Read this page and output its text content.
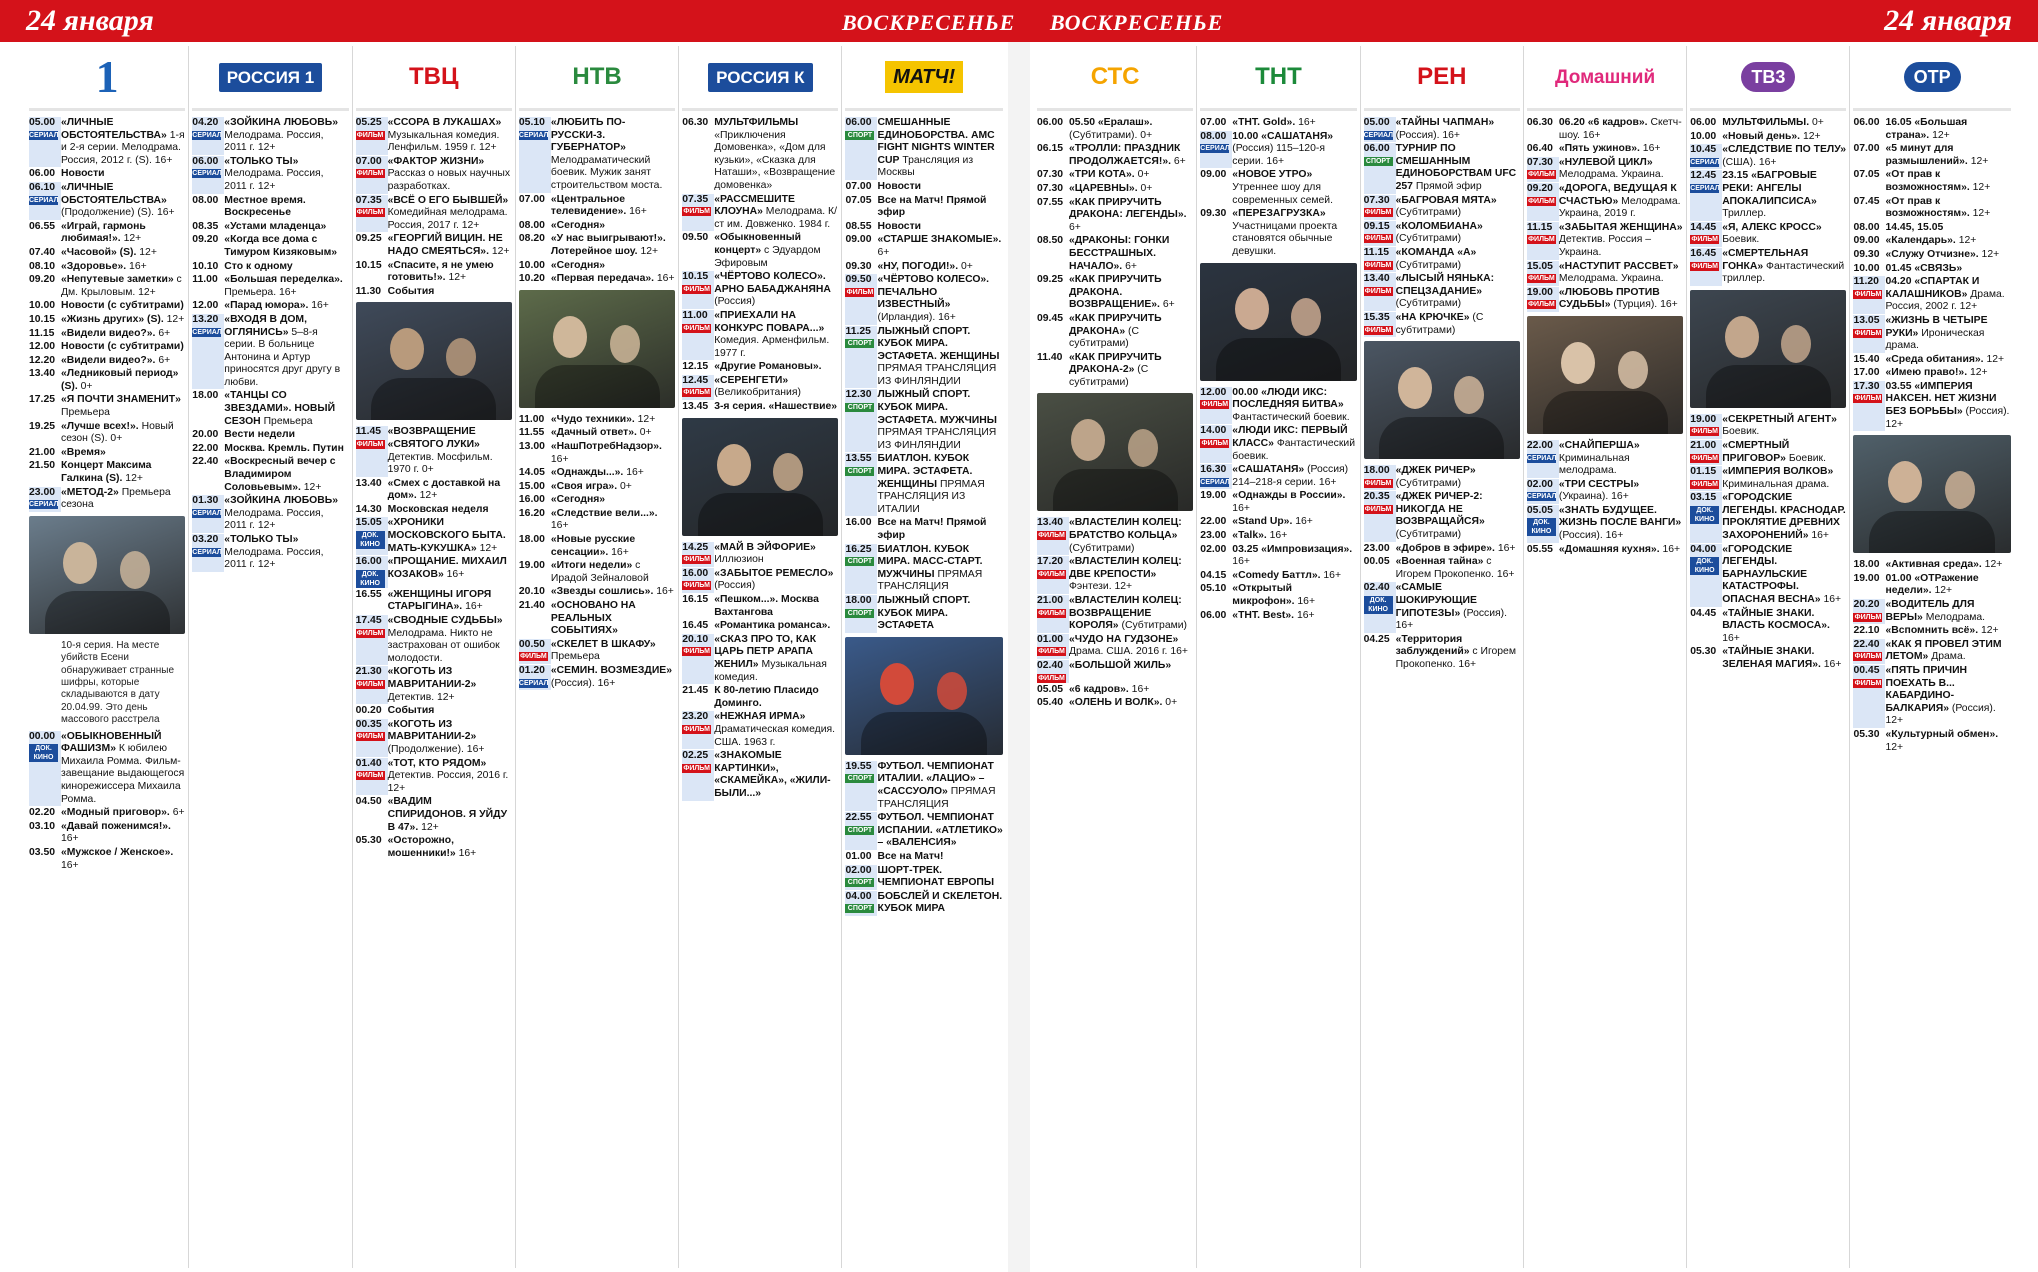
24 января	ВОСКРЕСЕНЬЕ ВОСКРЕСЕНЬЕ	24 января
1
05.00
СЕРИАЛ
«ЛИЧНЫЕ ОБСТОЯТЕЛЬСТВА» 1-я и 2-я серии. Мелодрама. Россия, 2012 г. (S). 16+
06.00 Новости
06.10
СЕРИАЛ
«ЛИЧНЫЕ ОБСТОЯТЕЛЬСТВА» (Продолжение) (S). 16+
06.55 «Играй, гармонь любимая!». 12+
07.40 «Часовой» (S). 12+
08.10 «Здоровье». 16+
09.20 «Непутевые заметки» с Дм. Крыловым. 12+
10.00 Новости (с субтитрами)
10.15 «Жизнь других» (S). 12+
11.15 «Видели видео?». 6+
12.00 Новости (с субтитрами)
12.20 «Видели видео?». 6+
13.40 «Ледниковый период» (S). 0+
17.25 «Я ПОЧТИ ЗНАМЕНИТ» Премьера
19.25 «Лучше всех!». Новый сезон (S). 0+
21.00 «Время»
21.50 Концерт Максима Галкина (S). 12+
23.00
СЕРИАЛ
«МЕТОД-2» Премьера сезона
10-я серия. На месте убийств Есени обнаруживает странные шифры, которые складываются в дату 20.04.99. Это день массового расстрела
00.00
ДОК. КИНО
«ОБЫКНОВЕННЫЙ ФАШИЗМ» К юбилею Михаила Ромма. Фильм-завещание выдающегося кинорежиссера Михаила Ромма.
02.20 «Модный приговор». 6+
03.10 «Давай поженимся!». 16+
03.50 «Мужское / Женское». 16+
РОССИЯ 1
04.20
СЕРИАЛ
«ЗОЙКИНА ЛЮБОВЬ» Мелодрама. Россия, 2011 г. 12+
06.00
СЕРИАЛ
«ТОЛЬКО ТЫ» Мелодрама. Россия, 2011 г. 12+
08.00 Местное время. Воскресенье
08.35 «Устами младенца»
09.20 «Когда все дома с Тимуром Кизяковым»
10.10 Сто к одному
11.00 «Большая переделка». Премьера. 16+
12.00 «Парад юмора». 16+
13.20
СЕРИАЛ
«ВХОДЯ В ДОМ, ОГЛЯНИСЬ» 5–8-я серии. В больнице Антонина и Артур приносятся друг другу в любви.
18.00 «ТАНЦЫ СО ЗВЕЗДАМИ». НОВЫЙ СЕЗОН Премьера
20.00 Вести недели
22.00 Москва. Кремль. Путин
22.40 «Воскресный вечер с Владимиром Соловьевым». 12+
01.30
СЕРИАЛ
«ЗОЙКИНА ЛЮБОВЬ» Мелодрама. Россия, 2011 г. 12+
03.20
СЕРИАЛ
«ТОЛЬКО ТЫ» Мелодрама. Россия, 2011 г. 12+
ТВЦ
05.25
ФИЛЬМ
«ССОРА В ЛУКАШАХ» Музыкальная комедия. Ленфильм. 1959 г. 12+
07.00
ФИЛЬМ
«ФАКТОР ЖИЗНИ» Рассказ о новых научных разработках.
07.35
ФИЛЬМ
«ВСЁ О ЕГО БЫВШЕЙ» Комедийная мелодрама. Россия, 2017 г. 12+
09.25 «ГЕОРГИЙ ВИЦИН. НЕ НАДО СМЕЯТЬСЯ». 12+
10.15 «Спасите, я не умею готовить!». 12+
11.30 События
11.45
ФИЛЬМ
«ВОЗВРАЩЕНИЕ «СВЯТОГО ЛУКИ» Детектив. Мосфильм. 1970 г. 0+
13.40 «Смех с доставкой на дом». 12+
14.30 Московская неделя
15.05
ДОК. КИНО
«ХРОНИКИ МОСКОВСКОГО БЫТА. МАТЬ-КУКУШКА» 12+
16.00
ДОК. КИНО
«ПРОЩАНИЕ. МИХАИЛ КОЗАКОВ» 16+
16.55 «ЖЕНЩИНЫ ИГОРЯ СТАРЫГИНА». 16+
17.45
ФИЛЬМ
«СВОДНЫЕ СУДЬБЫ» Мелодрама. Никто не застрахован от ошибок молодости.
21.30
ФИЛЬМ
«КОГОТЬ ИЗ МАВРИТАНИИ-2» Детектив. 12+
00.20 События
00.35
ФИЛЬМ
«КОГОТЬ ИЗ МАВРИТАНИИ-2» (Продолжение). 16+
01.40
ФИЛЬМ
«ТОТ, КТО РЯДОМ» Детектив. Россия, 2016 г. 12+
04.50 «ВАДИМ СПИРИДОНОВ. Я УЙДУ В 47». 12+
05.30 «Осторожно, мошенники!» 16+
НТВ
05.10
СЕРИАЛ
«ЛЮБИТЬ ПО-РУССКИ-3. ГУБЕРНАТОР» Мелодраматический боевик. Мужик занят строительством моста.
07.00 «Центральное телевидение». 16+
08.00 «Сегодня»
08.20 «У нас выигрывают!». Лотерейное шоу. 12+
10.00 «Сегодня»
10.20 «Первая передача». 16+
11.00 «Чудо техники». 12+
11.55 «Дачный ответ». 0+
13.00 «НашПотребНадзор». 16+
14.05 «Однажды...». 16+
15.00 «Своя игра». 0+
16.00 «Сегодня»
16.20 «Следствие вели...». 16+
18.00 «Новые русские сенсации». 16+
19.00 «Итоги недели» с Ирадой Зейналовой
20.10 «Звезды сошлись». 16+
21.40 «ОСНОВАНО НА РЕАЛЬНЫХ СОБЫТИЯХ»
00.50
ФИЛЬМ
«СКЕЛЕТ В ШКАФУ» Премьера
01.20
СЕРИАЛ
«СЕМИН. ВОЗМЕЗДИЕ» (Россия). 16+
РОССИЯ К
06.30 МУЛЬТФИЛЬМЫ «Приключения Домовенка», «Дом для кузьки», «Сказка для Наташи», «Возвращение домовенка»
07.35
ФИЛЬМ
«РАССМЕШИТЕ КЛОУНА» Мелодрама. К/ст им. Довженко. 1984 г.
09.50 «Обыкновенный концерт» с Эдуардом Эфировым
10.15
ФИЛЬМ
«ЧЁРТОВО КОЛЕСО». АРНО БАБАДЖАНЯНА (Россия)
11.00
ФИЛЬМ
«ПРИЕХАЛИ НА КОНКУРС ПОВАРА...» Комедия. Арменфильм. 1977 г.
12.15 «Другие Романовы».
12.45
ФИЛЬМ
«СЕРЕНГЕТИ» (Великобритания)
13.45 3-я серия. «Нашествие»
14.25
ФИЛЬМ
«МАЙ В ЭЙФОРИЕ» Иллюзион
16.00
ФИЛЬМ
«ЗАБЫТОЕ РЕМЕСЛО» (Россия)
16.15 «Пешком...». Москва Вахтангова
16.45 «Романтика романса».
20.10
ФИЛЬМ
«СКАЗ ПРО ТО, КАК ЦАРЬ ПЕТР АРАПА ЖЕНИЛ» Музыкальная комедия.
21.45 К 80-летию Пласидо Доминго.
23.20
ФИЛЬМ
«НЕЖНАЯ ИРМА» Драматическая комедия. США. 1963 г.
02.25
ФИЛЬМ
«ЗНАКОМЫЕ КАРТИНКИ», «СКАМЕЙКА», «ЖИЛИ-БЫЛИ...»
МАТЧ!
06.00
СПОРТ
СМЕШАННЫЕ ЕДИНОБОРСТВА. AMC FIGHT NIGHTS WINTER CUP Трансляция из Москвы
07.00 Новости
07.05 Все на Матч! Прямой эфир
08.55 Новости
09.00 «СТАРШЕ ЗНАКОМЫЕ». 6+
09.30 «НУ, ПОГОДИ!». 0+
09.50
ФИЛЬМ
«ЧЁРТОВО КОЛЕСО». ПЕЧАЛЬНО ИЗВЕСТНЫЙ» (Ирландия). 16+
11.25
СПОРТ
ЛЫЖНЫЙ СПОРТ. КУБОК МИРА. ЭСТАФЕТА. ЖЕНЩИНЫ ПРЯМАЯ ТРАНСЛЯЦИЯ ИЗ ФИНЛЯНДИИ
12.30
СПОРТ
ЛЫЖНЫЙ СПОРТ. КУБОК МИРА. ЭСТАФЕТА. МУЖЧИНЫ ПРЯМАЯ ТРАНСЛЯЦИЯ ИЗ ФИНЛЯНДИИ
13.55
СПОРТ
БИАТЛОН. КУБОК МИРА. ЭСТАФЕТА. ЖЕНЩИНЫ ПРЯМАЯ ТРАНСЛЯЦИЯ ИЗ ИТАЛИИ
16.00 Все на Матч! Прямой эфир
16.25
СПОРТ
БИАТЛОН. КУБОК МИРА. МАСС-СТАРТ. МУЖЧИНЫ ПРЯМАЯ ТРАНСЛЯЦИЯ
18.00
СПОРТ
ЛЫЖНЫЙ СПОРТ. КУБОК МИРА. ЭСТАФЕТА
19.55
СПОРТ
ФУТБОЛ. ЧЕМПИОНАТ ИТАЛИИ. «ЛАЦИО» – «САССУОЛО» ПРЯМАЯ ТРАНСЛЯЦИЯ
22.55
СПОРТ
ФУТБОЛ. ЧЕМПИОНАТ ИСПАНИИ. «АТЛЕТИКО» – «ВАЛЕНСИЯ»
01.00 Все на Матч!
02.00
СПОРТ
ШОРТ-ТРЕК. ЧЕМПИОНАТ ЕВРОПЫ
04.00
СПОРТ
БОБСЛЕЙ И СКЕЛЕТОН. КУБОК МИРА
СТС
06.00 05.50 «Ералаш». (Субтитрами). 0+
06.15 «ТРОЛЛИ: ПРАЗДНИК ПРОДОЛЖАЕТСЯ!». 6+
07.30 «ТРИ КОТА». 0+
07.30 «ЦАРЕВНЫ». 0+
07.55 «КАК ПРИРУЧИТЬ ДРАКОНА: ЛЕГЕНДЫ». 6+
08.50 «ДРАКОНЫ: ГОНКИ БЕССТРАШНЫХ. НАЧАЛО». 6+
09.25 «КАК ПРИРУЧИТЬ ДРАКОНА. ВОЗВРАЩЕНИЕ». 6+
09.45 «КАК ПРИРУЧИТЬ ДРАКОНА» (С субтитрами)
11.40 «КАК ПРИРУЧИТЬ ДРАКОНА-2» (С субтитрами)
13.40
ФИЛЬМ
«ВЛАСТЕЛИН КОЛЕЦ: БРАТСТВО КОЛЬЦА» (Субтитрами)
17.20
ФИЛЬМ
«ВЛАСТЕЛИН КОЛЕЦ: ДВЕ КРЕПОСТИ» Фэнтези. 12+
21.00
ФИЛЬМ
«ВЛАСТЕЛИН КОЛЕЦ: ВОЗВРАЩЕНИЕ КОРОЛЯ» (Субтитрами)
01.00
ФИЛЬМ
«ЧУДО НА ГУДЗОНЕ» Драма. США. 2016 г. 16+
02.40
ФИЛЬМ
«БОЛЬШОЙ ЖИЛЬ»
05.05 «6 кадров». 16+
05.40 «ОЛЕНЬ И ВОЛК». 0+
ТНТ
07.00 «ТНТ. Gold». 16+
08.00
СЕРИАЛ
10.00 «САШАТАНЯ» (Россия) 115–120-я серии. 16+
09.00 «НОВОЕ УТРО» Утреннее шоу для современных семей.
09.30 «ПЕРЕЗАГРУЗКА» Участницами проекта становятся обычные девушки.
12.00
ФИЛЬМ
00.00 «ЛЮДИ ИКС: ПОСЛЕДНЯЯ БИТВА» Фантастический боевик.
14.00
ФИЛЬМ
«ЛЮДИ ИКС: ПЕРВЫЙ КЛАСС» Фантастический боевик.
16.30
СЕРИАЛ
«САШАТАНЯ» (Россия) 214–218-я серии. 16+
19.00 «Однажды в России». 16+
22.00 «Stand Up». 16+
23.00 «Talk». 16+
02.00 03.25 «Импровизация». 16+
04.15 «Comedy Баттл». 16+
05.10 «Открытый микрофон». 16+
06.00 «ТНТ. Best». 16+
РЕН
05.00
СЕРИАЛ
«ТАЙНЫ ЧАПМАН» (Россия). 16+
06.00
СПОРТ
ТУРНИР ПО СМЕШАННЫМ ЕДИНОБОРСТВАМ UFC 257 Прямой эфир
07.30
ФИЛЬМ
«БАГРОВАЯ МЯТА» (Субтитрами)
09.15
ФИЛЬМ
«КОЛОМБИАНА» (Субтитрами)
11.15
ФИЛЬМ
«КОМАНДА «А» (Субтитрами)
13.40
ФИЛЬМ
«ЛЫСЫЙ НЯНЬКА: СПЕЦЗАДАНИЕ» (Субтитрами)
15.35
ФИЛЬМ
«НА КРЮЧКЕ» (С субтитрами)
18.00
ФИЛЬМ
«ДЖЕК РИЧЕР» (Субтитрами)
20.35
ФИЛЬМ
«ДЖЕК РИЧЕР-2: НИКОГДА НЕ ВОЗВРАЩАЙСЯ» (Субтитрами)
23.00 «Добров в эфире». 16+
00.05 «Военная тайна» с Игорем Прокопенко. 16+
02.40
ДОК. КИНО
«САМЫЕ ШОКИРУЮЩИЕ ГИПОТЕЗЫ» (Россия). 16+
04.25 «Территория заблуждений» с Игорем Прокопенко. 16+
Домашний
06.30 06.20 «6 кадров». Скетч-шоу. 16+
06.40 «Пять ужинов». 16+
07.30
ФИЛЬМ
«НУЛЕВОЙ ЦИКЛ» Мелодрама. Украина.
09.20
ФИЛЬМ
«ДОРОГА, ВЕДУЩАЯ К СЧАСТЬЮ» Мелодрама. Украина, 2019 г.
11.15
ФИЛЬМ
«ЗАБЫТАЯ ЖЕНЩИНА» Детектив. Россия – Украина.
15.05
ФИЛЬМ
«НАСТУПИТ РАССВЕТ» Мелодрама. Украина.
19.00
ФИЛЬМ
«ЛЮБОВЬ ПРОТИВ СУДЬБЫ» (Турция). 16+
22.00
СЕРИАЛ
«СНАЙПЕРША» Криминальная мелодрама.
02.00
СЕРИАЛ
«ТРИ СЕСТРЫ» (Украина). 16+
05.05
ДОК. КИНО
«ЗНАТЬ БУДУЩЕЕ. ЖИЗНЬ ПОСЛЕ ВАНГИ» (Россия). 16+
05.55 «Домашняя кухня». 16+
ТВ3
06.00 МУЛЬТФИЛЬМЫ. 0+
10.00 «Новый день». 12+
10.45
СЕРИАЛ
«СЛЕДСТВИЕ ПО ТЕЛУ» (США). 16+
12.45
СЕРИАЛ
23.15 «БАГРОВЫЕ РЕКИ: АНГЕЛЫ АПОКАЛИПСИСА» Триллер.
14.45
ФИЛЬМ
«Я, АЛЕКС КРОСС» Боевик.
16.45
ФИЛЬМ
«СМЕРТЕЛЬНАЯ ГОНКА» Фантастический триллер.
19.00
ФИЛЬМ
«СЕКРЕТНЫЙ АГЕНТ» Боевик.
21.00
ФИЛЬМ
«СМЕРТНЫЙ ПРИГОВОР» Боевик.
01.15
ФИЛЬМ
«ИМПЕРИЯ ВОЛКОВ» Криминальная драма.
03.15
ДОК. КИНО
«ГОРОДСКИЕ ЛЕГЕНДЫ. КРАСНОДАР. ПРОКЛЯТИЕ ДРЕВНИХ ЗАХОРОНЕНИЙ» 16+
04.00
ДОК. КИНО
«ГОРОДСКИЕ ЛЕГЕНДЫ. БАРНАУЛЬСКИЕ КАТАСТРОФЫ. ОПАСНАЯ ВЕСНА» 16+
04.45 «ТАЙНЫЕ ЗНАКИ. ВЛАСТЬ КОСМОСА». 16+
05.30 «ТАЙНЫЕ ЗНАКИ. ЗЕЛЕНАЯ МАГИЯ». 16+
ОТР
06.00 16.05 «Большая страна». 12+
07.00 «5 минут для размышлений». 12+
07.05 «От прав к возможностям». 12+
07.45 «От прав к возможностям». 12+
08.00 14.45, 15.05
09.00 «Календарь». 12+
09.30 «Служу Отчизне». 12+
10.00 01.45 «СВЯЗЬ»
11.20
ФИЛЬМ
04.20 «СПАРТАК И КАЛАШНИКОВ» Драма. Россия, 2002 г. 12+
13.05
ФИЛЬМ
«ЖИЗНЬ В ЧЕТЫРЕ РУКИ» Ироническая драма.
15.40 «Среда обитания». 12+
17.00 «Имею право!». 12+
17.30
ФИЛЬМ
03.55 «ИМПЕРИЯ НАКСЕН. НЕТ ЖИЗНИ БЕЗ БОРЬБЫ» (Россия). 12+
18.00 «Активная среда». 12+
19.00 01.00 «ОТРажение недели». 12+
20.20
ФИЛЬМ
«ВОДИТЕЛЬ ДЛЯ ВЕРЫ» Мелодрама.
22.10 «Вспомнить всё». 12+
22.40
ФИЛЬМ
«КАК Я ПРОВЕЛ ЭТИМ ЛЕТОМ» Драма.
00.45
ФИЛЬМ
«ПЯТЬ ПРИЧИН ПОЕХАТЬ В... КАБАРДИНО-БАЛКАРИЯ» (Россия). 12+
05.30 «Культурный обмен». 12+
